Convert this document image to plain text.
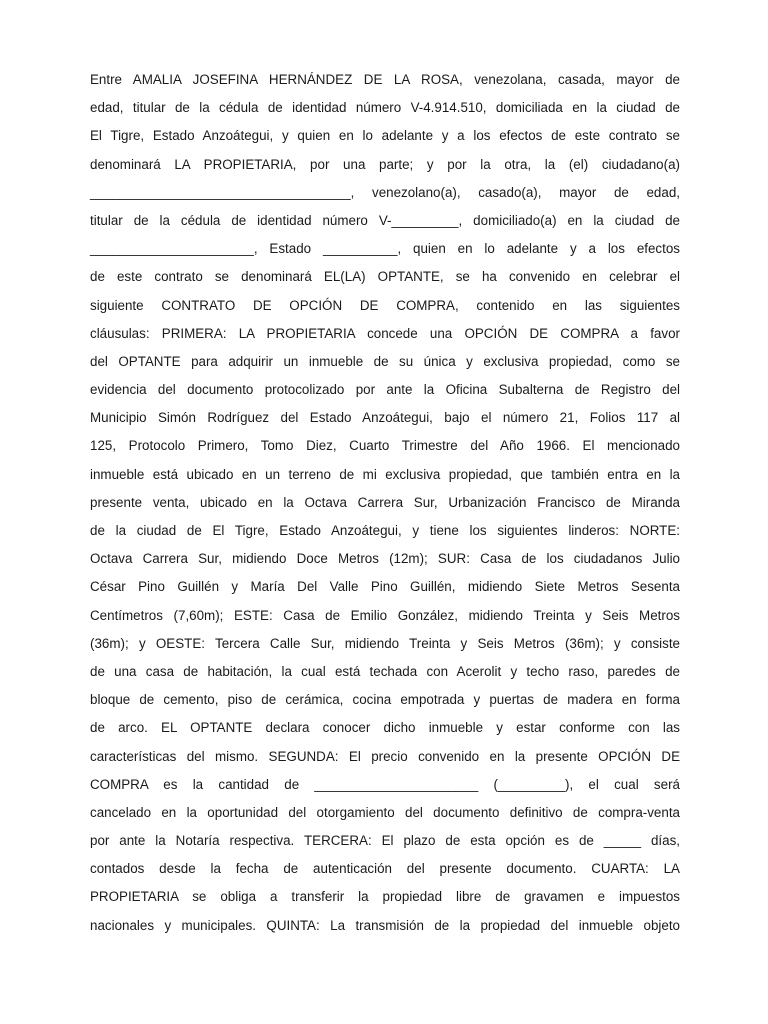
Entre AMALIA JOSEFINA HERNÁNDEZ DE LA ROSA, venezolana, casada, mayor de
edad, titular de la cédula de identidad número V-4.914.510, domiciliada en la ciudad de
El Tigre, Estado Anzoátegui, y quien en lo adelante y a los efectos de este contrato se
denominará LA PROPIETARIA, por una parte; y por la otra, la (el) ciudadano(a)
___________________________________, venezolano(a), casado(a), mayor de edad,
titular de la cédula de identidad número V-_________, domiciliado(a) en la ciudad de
______________________, Estado __________, quien en lo adelante y a los efectos
de este contrato se denominará EL(LA) OPTANTE, se ha convenido en celebrar el
siguiente CONTRATO DE OPCIÓN DE COMPRA, contenido en las siguientes
cláusulas: PRIMERA: LA PROPIETARIA concede una OPCIÓN DE COMPRA a favor
del OPTANTE para adquirir un inmueble de su única y exclusiva propiedad, como se
evidencia del documento protocolizado por ante la Oficina Subalterna de Registro del
Municipio Simón Rodríguez del Estado Anzoátegui, bajo el número 21, Folios 117 al
125, Protocolo Primero, Tomo Diez, Cuarto Trimestre del Año 1966. El mencionado
inmueble está ubicado en un terreno de mi exclusiva propiedad, que también entra en la
presente venta, ubicado en la Octava Carrera Sur, Urbanización Francisco de Miranda
de la ciudad de El Tigre, Estado Anzoátegui, y tiene los siguientes linderos: NORTE:
Octava Carrera Sur, midiendo Doce Metros (12m); SUR: Casa de los ciudadanos Julio
César Pino Guillén y María Del Valle Pino Guillén, midiendo Siete Metros Sesenta
Centímetros (7,60m); ESTE: Casa de Emilio González, midiendo Treinta y Seis Metros
(36m); y OESTE: Tercera Calle Sur, midiendo Treinta y Seis Metros (36m); y consiste
de una casa de habitación, la cual está techada con Acerolit y techo raso, paredes de
bloque de cemento, piso de cerámica, cocina empotrada y puertas de madera en forma
de arco. EL OPTANTE declara conocer dicho inmueble y estar conforme con las
características del mismo. SEGUNDA: El precio convenido en la presente OPCIÓN DE
COMPRA es la cantidad de ______________________ (_________), el cual será
cancelado en la oportunidad del otorgamiento del documento definitivo de compra-venta
por ante la Notaría respectiva. TERCERA: El plazo de esta opción es de _____ días,
contados desde la fecha de autenticación del presente documento. CUARTA: LA
PROPIETARIA se obliga a transferir la propiedad libre de gravamen e impuestos
nacionales y municipales. QUINTA: La transmisión de la propiedad del inmueble objeto
